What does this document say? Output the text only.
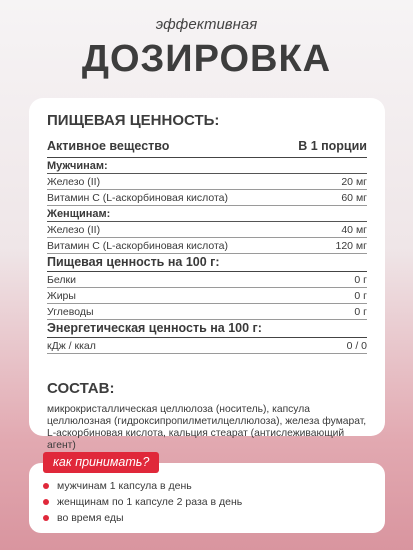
эффективная
ДОЗИРОВКА
ПИЩЕВАЯ ЦЕННОСТЬ:
Активное вещество	В 1 порции
Мужчинам:	
Железо (II)	20 мг
Витамин С (L-аскорбиновая кислота)	60 мг
Женщинам:	
Железо (II)	40 мг
Витамин С (L-аскорбиновая кислота)	120 мг
Пищевая ценность на 100 г:	
Белки	0 г
Жиры	0 г
Углеводы	0 г
Энергетическая ценность на 100 г:	
кДж / ккал	0 / 0
СОСТАВ:
микрокристаллическая целлюлоза (носитель), капсула целлюлозная (гидроксипропилметилцеллюлоза), железа фумарат, L-аскорбиновая кислота, кальция стеарат (антислеживающий агент)
мужчинам 1 капсула в день
женщинам по 1 капсуле 2 раза в день
во время еды
как принимать?
